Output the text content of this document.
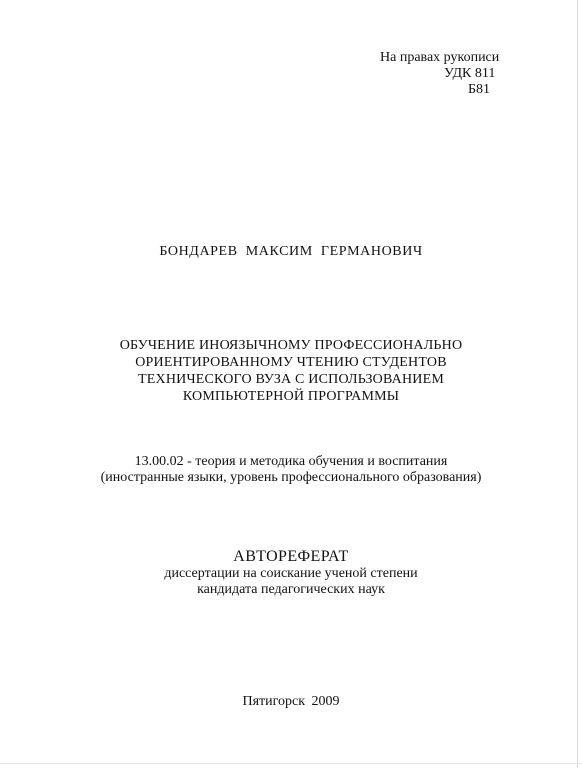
На правах рукописи
УДК 811
Б81
БОНДАРЕВ МАКСИМ ГЕРМАНОВИЧ
ОБУЧЕНИЕ ИНОЯЗЫЧНОМУ ПРОФЕССИОНАЛЬНО
ОРИЕНТИРОВАННОМУ ЧТЕНИЮ СТУДЕНТОВ
ТЕХНИЧЕСКОГО ВУЗА С ИСПОЛЬЗОВАНИЕМ
КОМПЬЮТЕРНОЙ ПРОГРАММЫ
13.00.02 - теория и методика обучения и воспитания
(иностранные языки, уровень профессионального образования)
АВТОРЕФЕРАТ
диссертации на соискание ученой степени
кандидата педагогических наук
Пятигорск 2009
